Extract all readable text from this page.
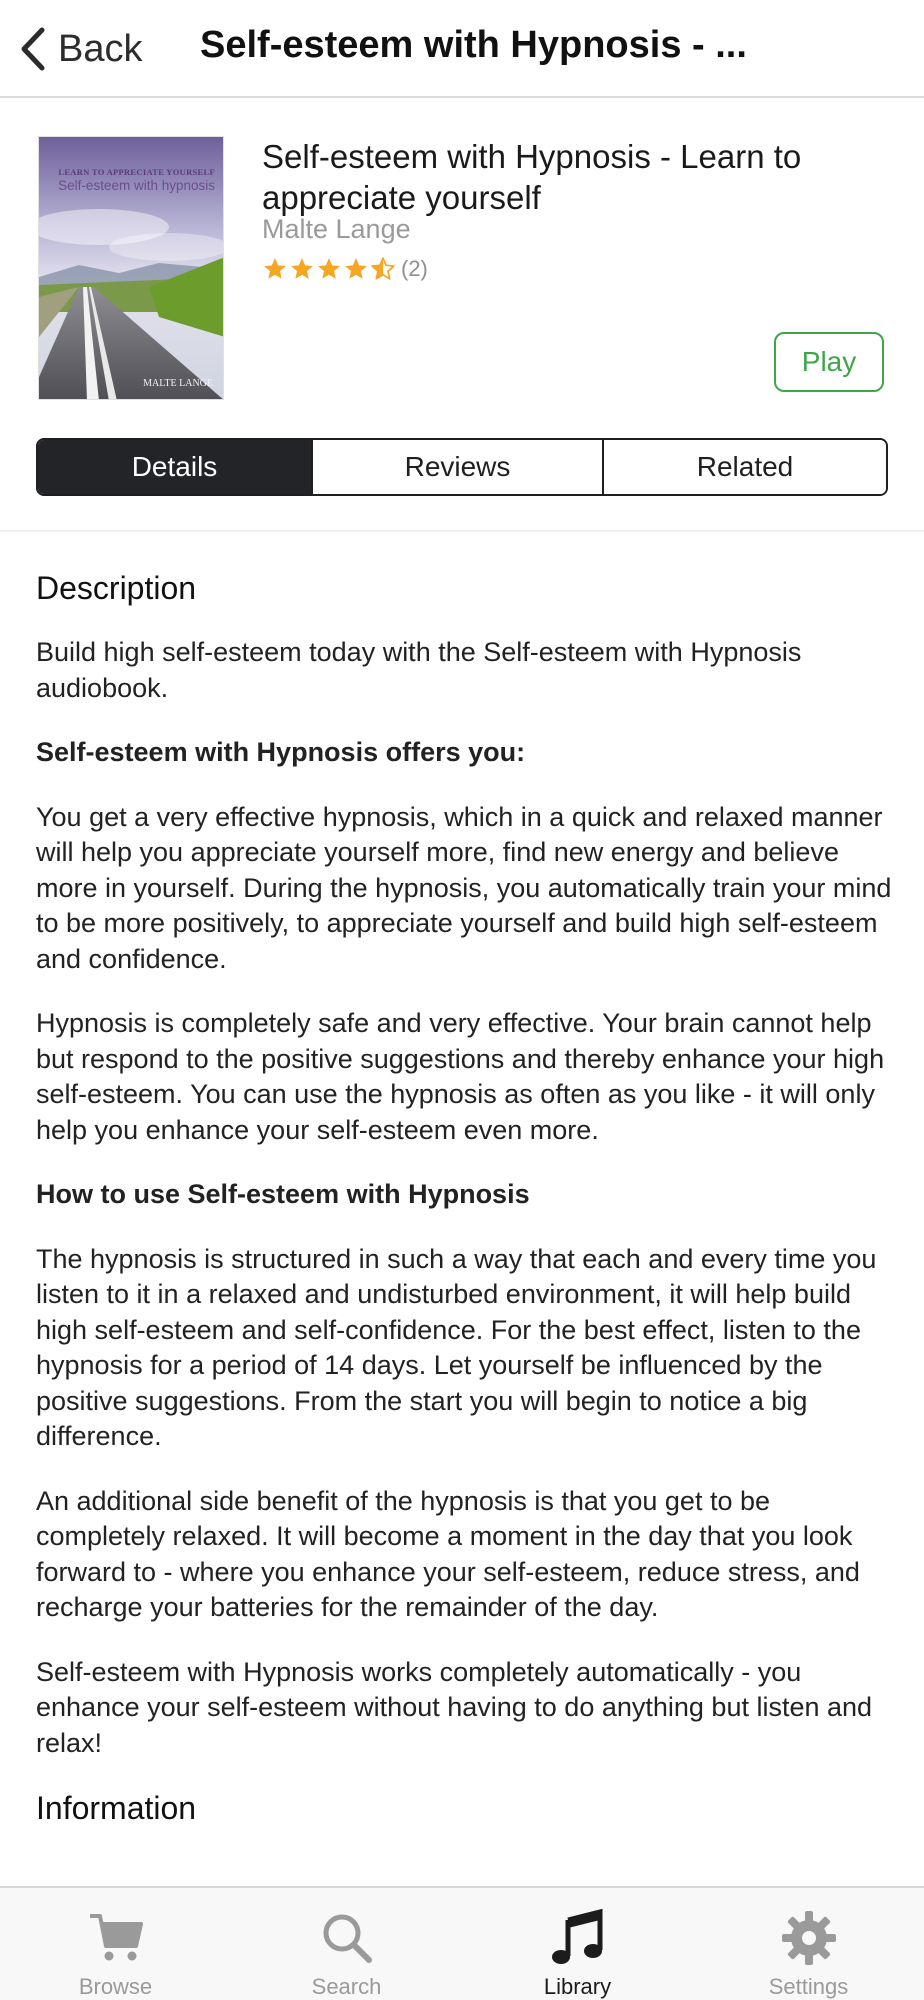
Back Self-esteem with Hypnosis - ...
LEARN TO APPRECIATE YOURSELF
Self-esteem with hypnosis
MALTE LANGE
Self-esteem with Hypnosis - Learn to appreciate yourself
Malte Lange
(2)
Play
Details	Reviews	Related
Description

Build high self-esteem today with the Self-esteem with Hypnosis audiobook.

Self-esteem with Hypnosis offers you:

You get a very effective hypnosis, which in a quick and relaxed manner will help you appreciate yourself more, find new energy and believe more in yourself. During the hypnosis, you automatically train your mind to be more positively, to appreciate yourself and build high self-esteem and confidence.

Hypnosis is completely safe and very effective. Your brain cannot help but respond to the positive suggestions and thereby enhance your high self-esteem. You can use the hypnosis as often as you like - it will only help you enhance your self-esteem even more.

How to use Self-esteem with Hypnosis

The hypnosis is structured in such a way that each and every time you listen to it in a relaxed and undisturbed environment, it will help build high self-esteem and self-confidence. For the best effect, listen to the hypnosis for a period of 14 days. Let yourself be influenced by the positive suggestions. From the start you will begin to notice a big difference.

An additional side benefit of the hypnosis is that you get to be completely relaxed. It will become a moment in the day that you look forward to - where you enhance your self-esteem, reduce stress, and recharge your batteries for the remainder of the day.

Self-esteem with Hypnosis works completely automatically - you enhance your self-esteem without having to do anything but listen and relax!

Information
Browse	Search	Library	Settings
